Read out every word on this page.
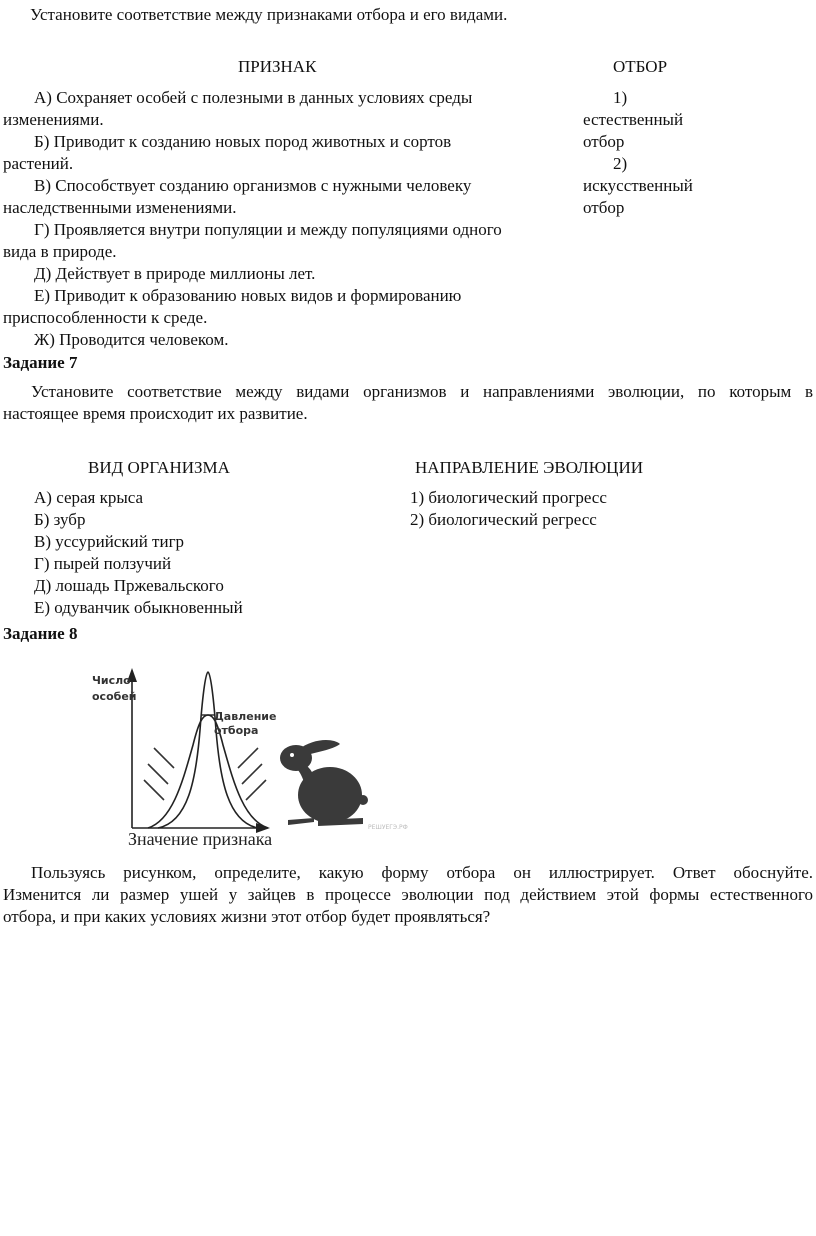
Установите соответствие между признаками отбора и его видами.
ПРИЗНАК	ОТБОР
А) Сохраняет особей с полезными в данных условиях среды
изменениями.
Б) Приводит к созданию новых пород животных и сортов
растений.
В) Способствует созданию организмов с нужными человеку
наследственными изменениями.
Г) Проявляется внутри популяции и между популяциями одного
вида в природе.
Д) Действует в природе миллионы лет.
Е) Приводит к образованию новых видов и формированию
приспособленности к среде.
Ж) Проводится человеком.
1)
естественный
отбор
2)
искусственный
отбор
Задание 7
Установите соответствие между видами организмов и направлениями эволюции, по которым в
настоящее время происходит их развитие.
ВИД ОРГАНИЗМА	НАПРАВЛЕНИЕ ЭВОЛЮЦИИ
А) серая крыса
Б) зубр
В) уссурийский тигр
Г) пырей ползучий
Д) лошадь Пржевальского
Е) одуванчик обыкновенный
1) биологический прогресс
2) биологический регресс
Задание 8
Число
особей
Давление
отбора
Значение признака
РЕШУЕГЭ.РФ
Пользуясь рисунком, определите, какую форму отбора он иллюстрирует. Ответ обоснуйте.
Изменится ли размер ушей у зайцев в процессе эволюции под действием этой формы естественного
отбора, и при каких условиях жизни этот отбор будет проявляться?
